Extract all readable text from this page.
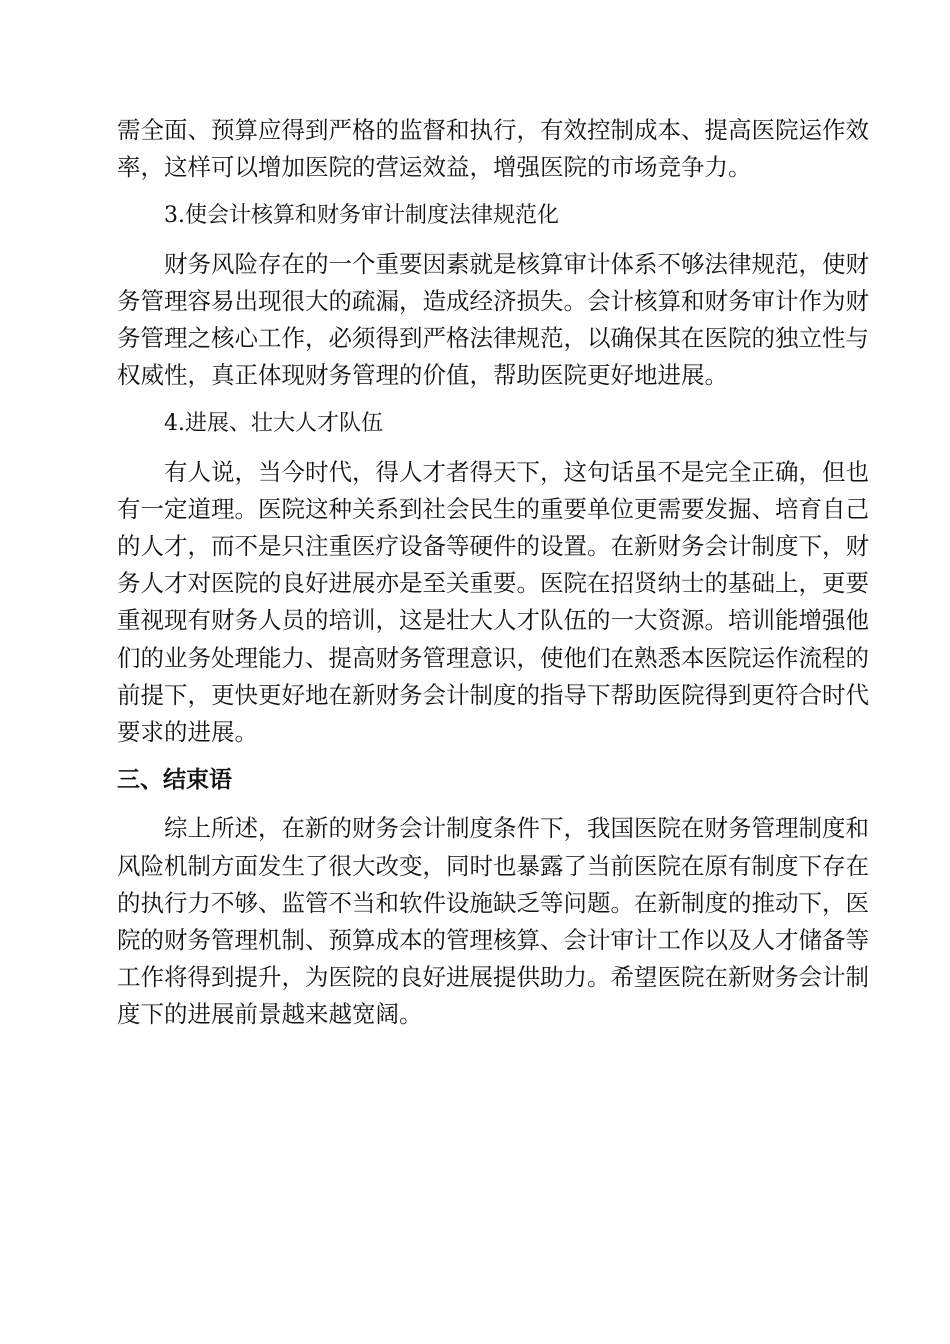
需全面、预算应得到严格的监督和执行，有效控制成本、提高医院运作效
率，这样可以增加医院的营运效益，增强医院的市场竞争力。
3.使会计核算和财务审计制度法律规范化
财务风险存在的一个重要因素就是核算审计体系不够法律规范，使财
务管理容易出现很大的疏漏，造成经济损失。会计核算和财务审计作为财
务管理之核心工作，必须得到严格法律规范，以确保其在医院的独立性与
权威性，真正体现财务管理的价值，帮助医院更好地进展。
4.进展、壮大人才队伍
有人说，当今时代，得人才者得天下，这句话虽不是完全正确，但也
有一定道理。医院这种关系到社会民生的重要单位更需要发掘、培育自己
的人才，而不是只注重医疗设备等硬件的设置。在新财务会计制度下，财
务人才对医院的良好进展亦是至关重要。医院在招贤纳士的基础上，更要
重视现有财务人员的培训，这是壮大人才队伍的一大资源。培训能增强他
们的业务处理能力、提高财务管理意识，使他们在熟悉本医院运作流程的
前提下，更快更好地在新财务会计制度的指导下帮助医院得到更符合时代
要求的进展。
三、结束语
综上所述，在新的财务会计制度条件下，我国医院在财务管理制度和
风险机制方面发生了很大改变，同时也暴露了当前医院在原有制度下存在
的执行力不够、监管不当和软件设施缺乏等问题。在新制度的推动下，医
院的财务管理机制、预算成本的管理核算、会计审计工作以及人才储备等
工作将得到提升，为医院的良好进展提供助力。希望医院在新财务会计制
度下的进展前景越来越宽阔。
